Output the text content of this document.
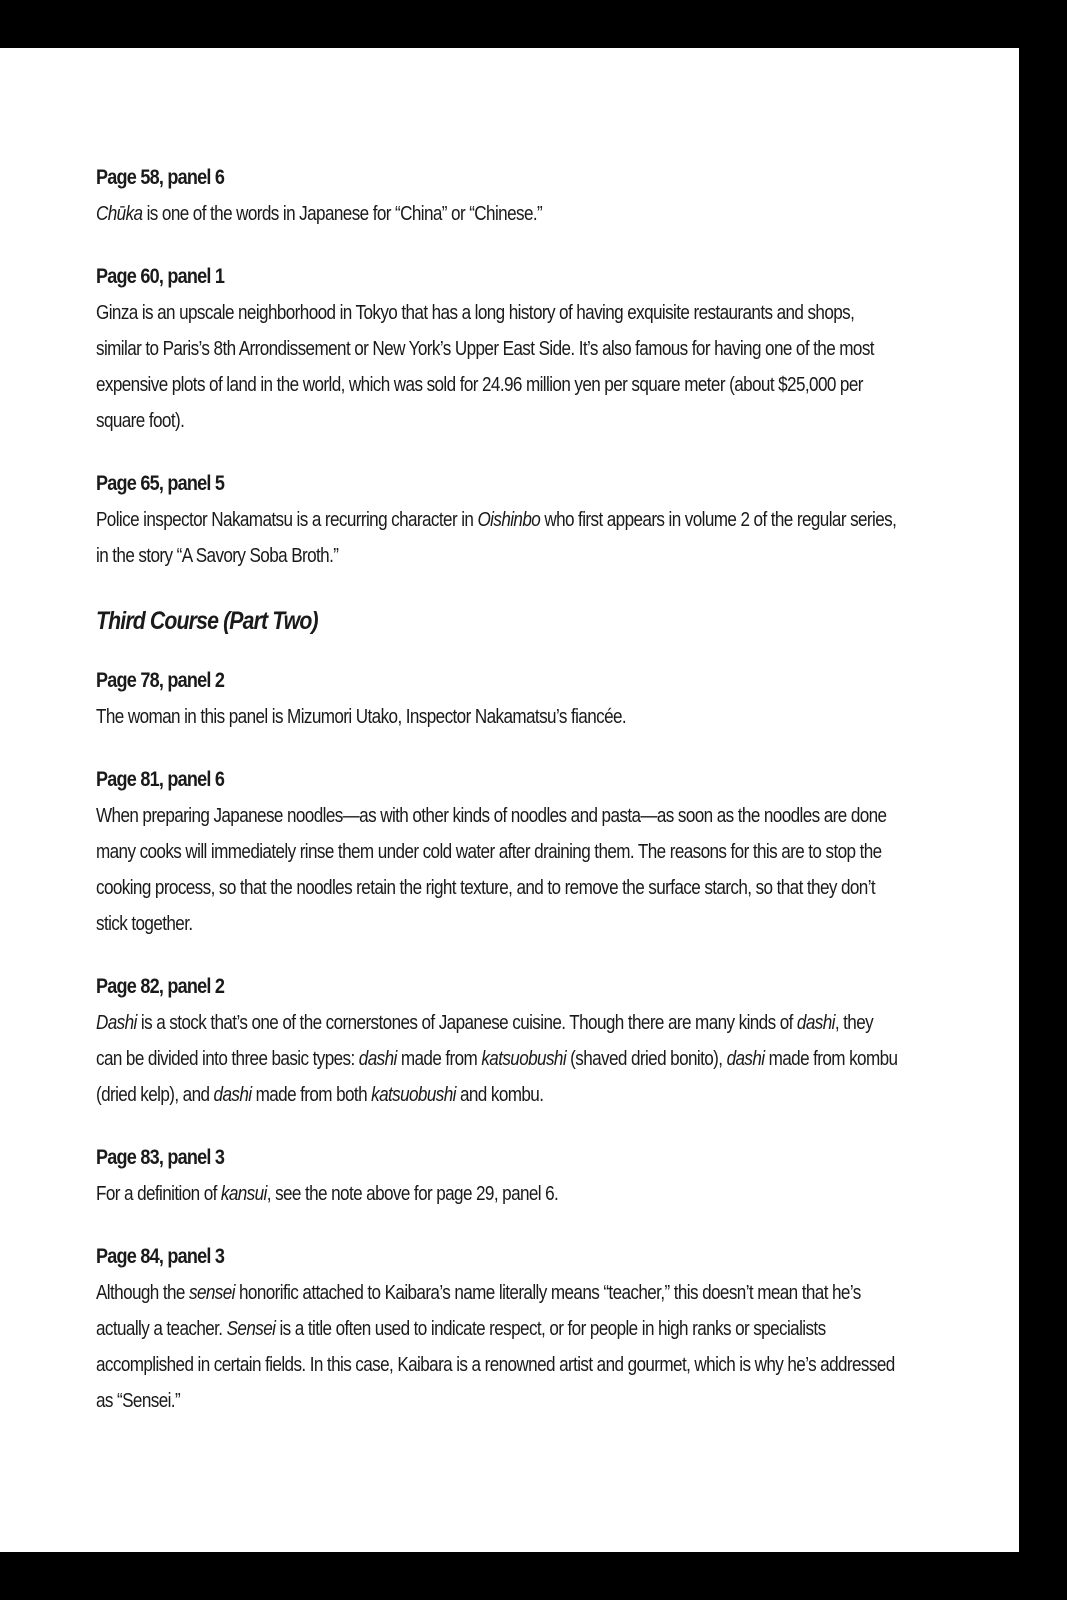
Page 58, panel 6
Chūka is one of the words in Japanese for “China” or “Chinese.”
Page 60, panel 1
Ginza is an upscale neighborhood in Tokyo that has a long history of having exquisite restaurants and shops, similar to Paris’s 8th Arrondissement or New York’s Upper East Side. It’s also famous for having one of the most expensive plots of land in the world, which was sold for 24.96 million yen per square meter (about $25,000 per square foot).
Page 65, panel 5
Police inspector Nakamatsu is a recurring character in Oishinbo who first appears in volume 2 of the regular series, in the story “A Savory Soba Broth.”
Third Course (Part Two)
Page 78, panel 2
The woman in this panel is Mizumori Utako, Inspector Nakamatsu’s fiancée.
Page 81, panel 6
When preparing Japanese noodles—as with other kinds of noodles and pasta—as soon as the noodles are done many cooks will immediately rinse them under cold water after draining them. The reasons for this are to stop the cooking process, so that the noodles retain the right texture, and to remove the surface starch, so that they don’t stick together.
Page 82, panel 2
Dashi is a stock that’s one of the cornerstones of Japanese cuisine. Though there are many kinds of dashi, they can be divided into three basic types: dashi made from katsuobushi (shaved dried bonito), dashi made from kombu (dried kelp), and dashi made from both katsuobushi and kombu.
Page 83, panel 3
For a definition of kansui, see the note above for page 29, panel 6.
Page 84, panel 3
Although the sensei honorific attached to Kaibara’s name literally means “teacher,” this doesn’t mean that he’s actually a teacher. Sensei is a title often used to indicate respect, or for people in high ranks or specialists accomplished in certain fields. In this case, Kaibara is a renowned artist and gourmet, which is why he’s addressed as “Sensei.”
